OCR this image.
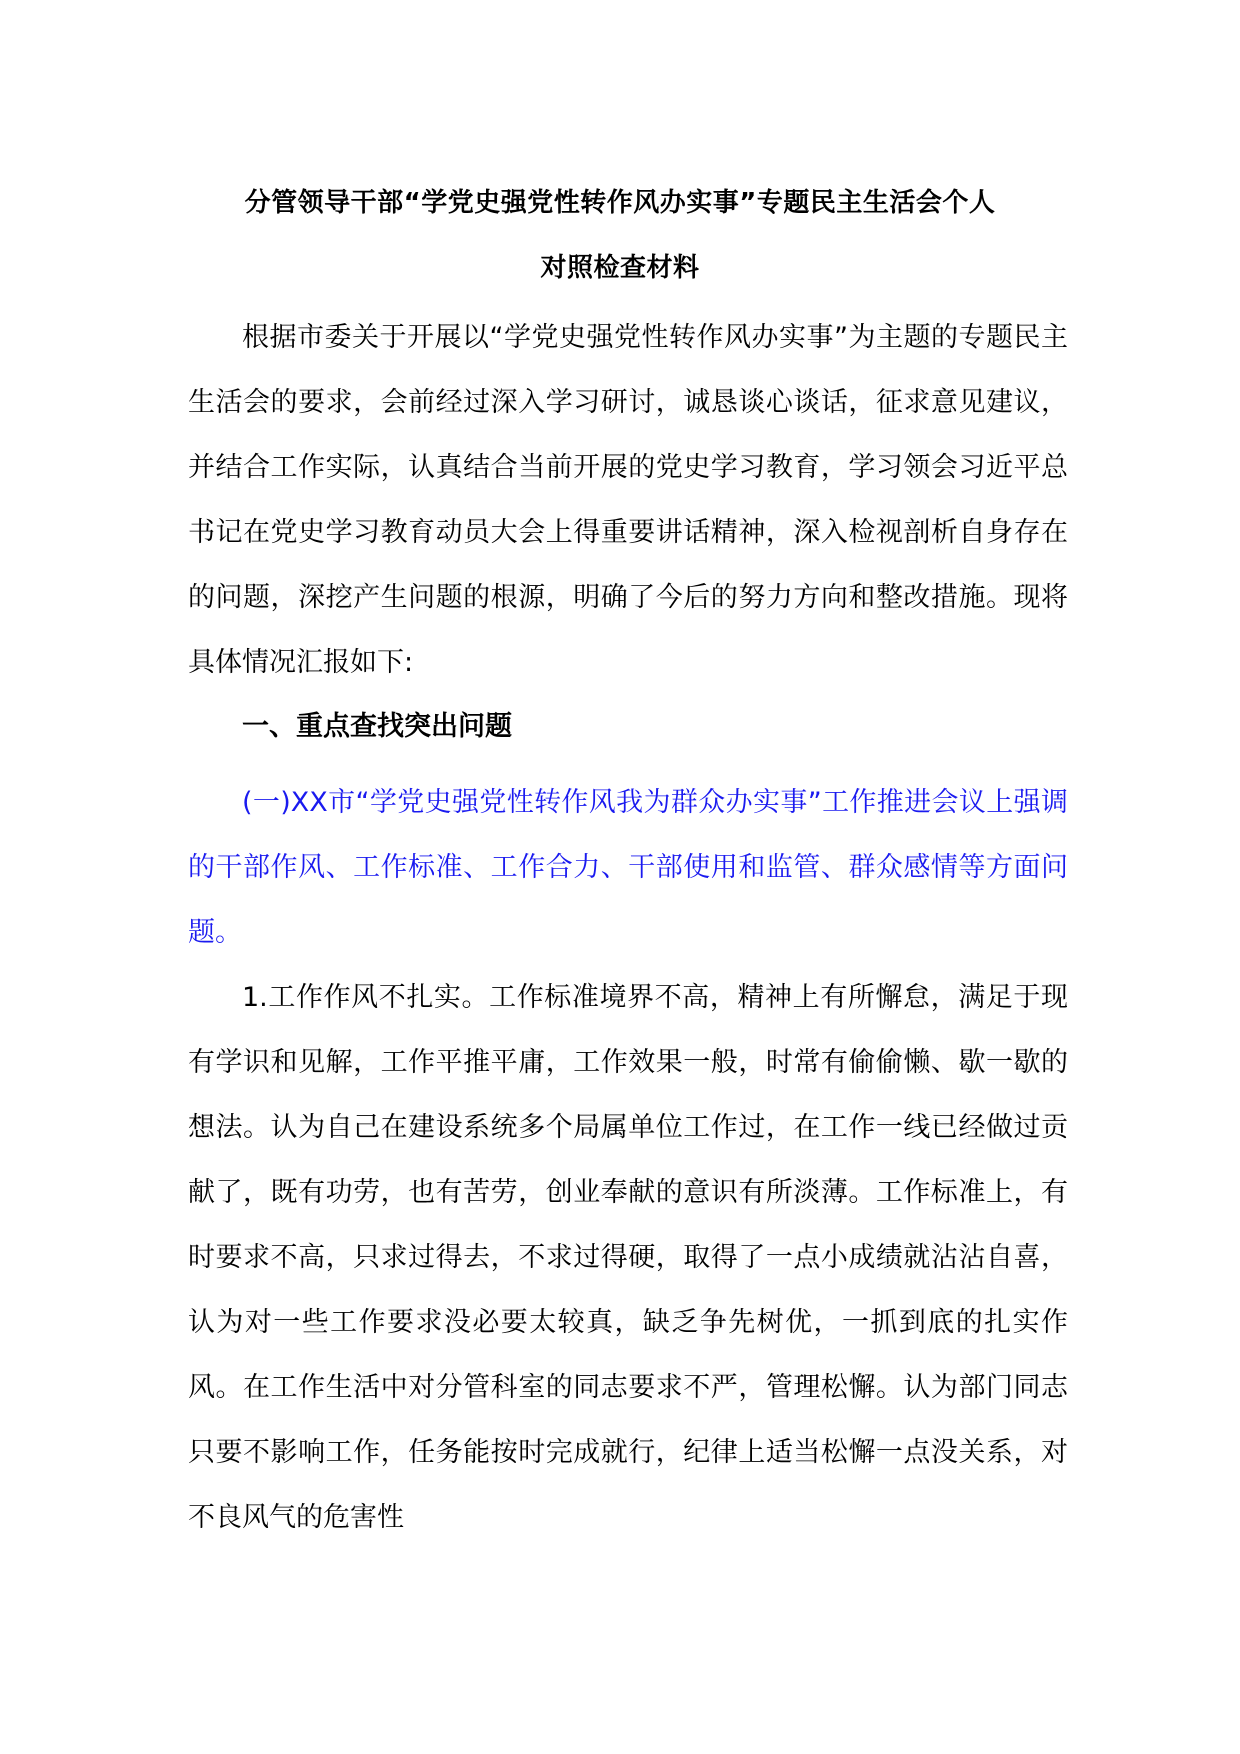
分管领导干部“学党史强党性转作风办实事”专题民主生活会个人
对照检查材料

根据市委关于开展以“学党史强党性转作风办实事”为主题的专题民主生活会的要求，会前经过深入学习研讨，诚恳谈心谈话，征求意见建议，并结合工作实际，认真结合当前开展的党史学习教育，学习领会习近平总书记在党史学习教育动员大会上得重要讲话精神，深入检视剖析自身存在的问题，深挖产生问题的根源，明确了今后的努力方向和整改措施。现将具体情况汇报如下:

一、重点查找突出问题

(一)XX市“学党史强党性转作风我为群众办实事”工作推进会议上强调的干部作风、工作标准、工作合力、干部使用和监管、群众感情等方面问题。

1.工作作风不扎实。工作标准境界不高，精神上有所懈怠，满足于现有学识和见解，工作平推平庸，工作效果一般，时常有偷偷懒、歇一歇的想法。认为自己在建设系统多个局属单位工作过，在工作一线已经做过贡献了，既有功劳，也有苦劳，创业奉献的意识有所淡薄。工作标准上，有时要求不高，只求过得去，不求过得硬，取得了一点小成绩就沾沾自喜，认为对一些工作要求没必要太较真，缺乏争先树优，一抓到底的扎实作风。在工作生活中对分管科室的同志要求不严，管理松懈。认为部门同志只要不影响工作，任务能按时完成就行，纪律上适当松懈一点没关系，对不良风气的危害性
